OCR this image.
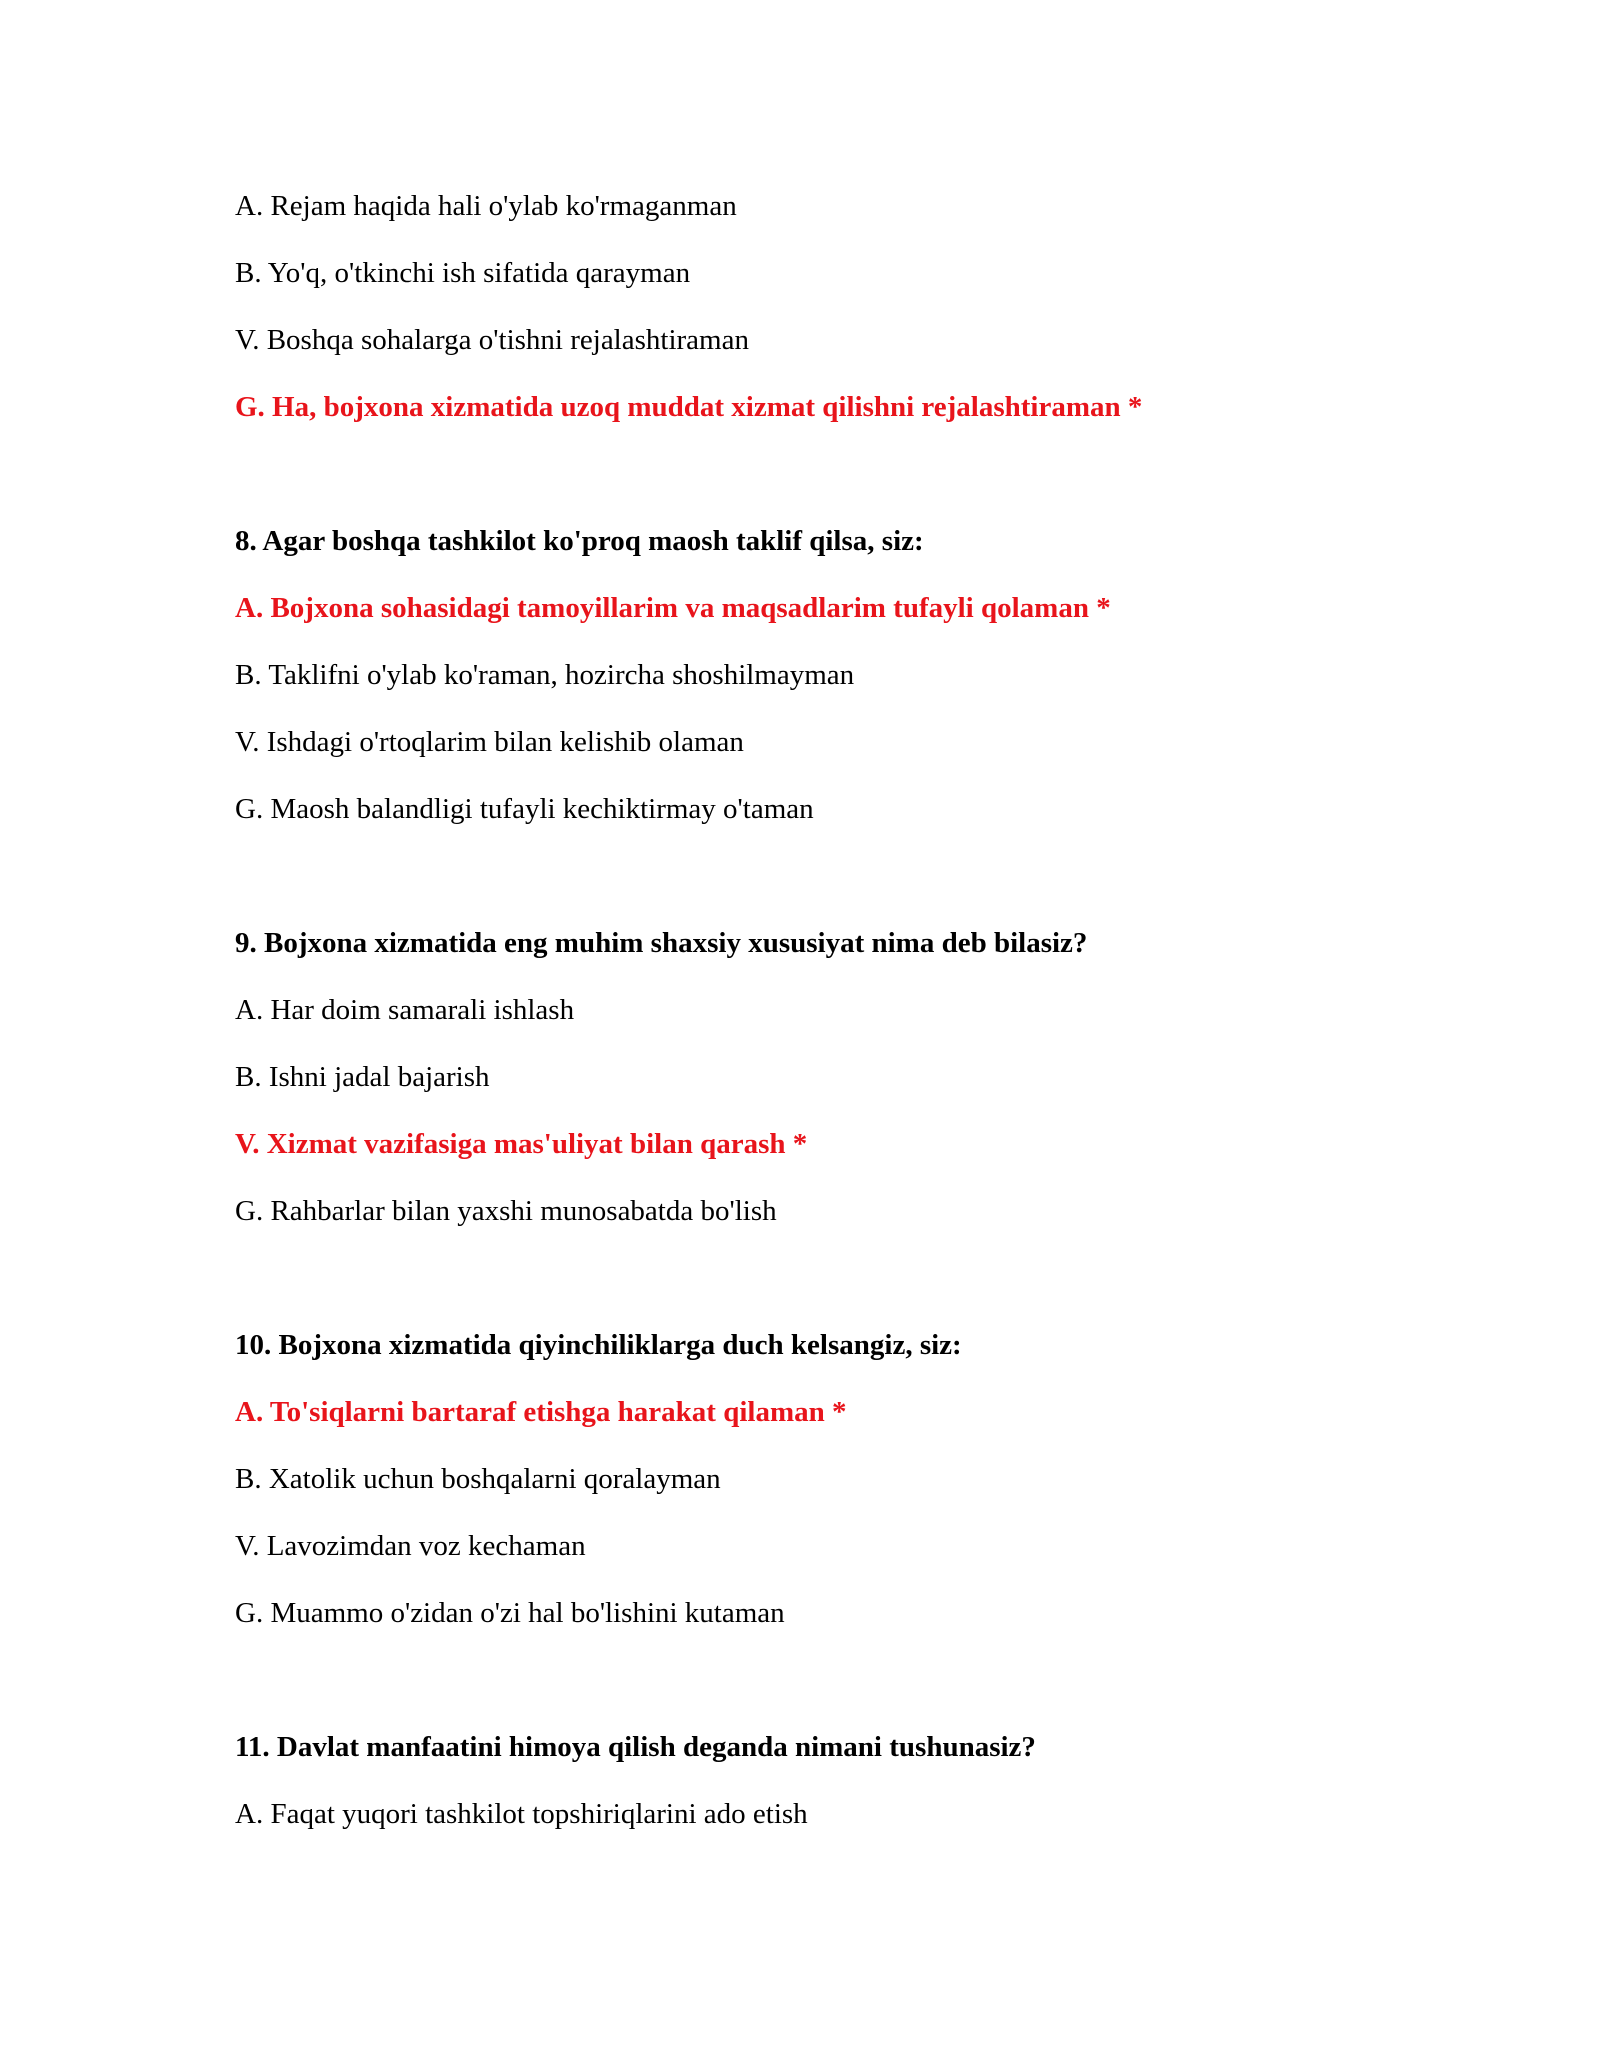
A. Rejam haqida hali o'ylab ko'rmaganman
B. Yo'q, o'tkinchi ish sifatida qarayman
V. Boshqa sohalarga o'tishni rejalashtiraman
G. Ha, bojxona xizmatida uzoq muddat xizmat qilishni rejalashtiraman *
8. Agar boshqa tashkilot ko'proq maosh taklif qilsa, siz:
A. Bojxona sohasidagi tamoyillarim va maqsadlarim tufayli qolaman *
B. Taklifni o'ylab ko'raman, hozircha shoshilmayman
V. Ishdagi o'rtoqlarim bilan kelishib olaman
G. Maosh balandligi tufayli kechiktirmay o'taman
9. Bojxona xizmatida eng muhim shaxsiy xususiyat nima deb bilasiz?
A. Har doim samarali ishlash
B. Ishni jadal bajarish
V. Xizmat vazifasiga mas'uliyat bilan qarash *
G. Rahbarlar bilan yaxshi munosabatda bo'lish
10. Bojxona xizmatida qiyinchiliklarga duch kelsangiz, siz:
A. To'siqlarni bartaraf etishga harakat qilaman *
B. Xatolik uchun boshqalarni qoralayman
V. Lavozimdan voz kechaman
G. Muammo o'zidan o'zi hal bo'lishini kutaman
11. Davlat manfaatini himoya qilish deganda nimani tushunasiz?
A. Faqat yuqori tashkilot topshiriqlarini ado etish
